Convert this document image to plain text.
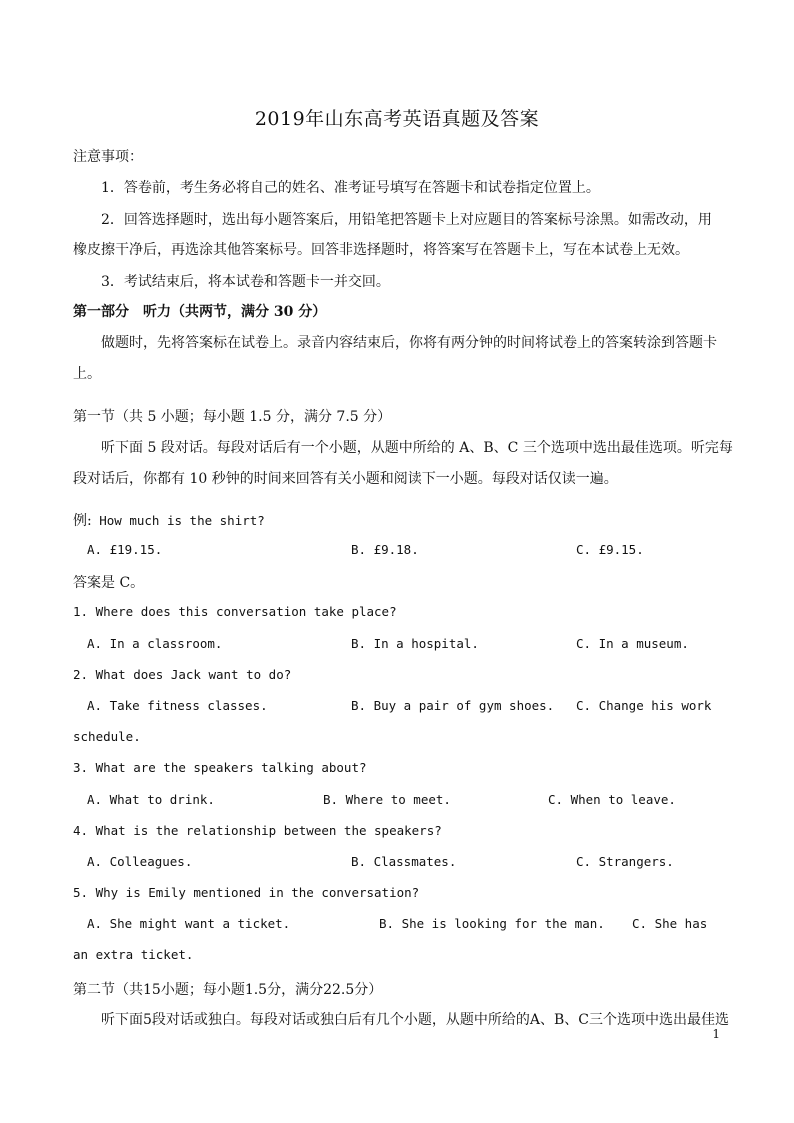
2019年山东高考英语真题及答案
注意事项：
1．答卷前，考生务必将自己的姓名、准考证号填写在答题卡和试卷指定位置上。
2．回答选择题时，选出每小题答案后，用铅笔把答题卡上对应题目的答案标号涂黑。如需改动，用
橡皮擦干净后，再选涂其他答案标号。回答非选择题时，将答案写在答题卡上，写在本试卷上无效。
3．考试结束后，将本试卷和答题卡一并交回。
第一部分　听力（共两节，满分 30 分）
做题时，先将答案标在试卷上。录音内容结束后，你将有两分钟的时间将试卷上的答案转涂到答题卡
上。
第一节（共 5 小题；每小题 1.5 分，满分 7.5 分）
听下面 5 段对话。每段对话后有一个小题，从题中所给的 A、B、C 三个选项中选出最佳选项。听完每
段对话后，你都有 10 秒钟的时间来回答有关小题和阅读下一小题。每段对话仅读一遍。
例: How much is the shirt?
A. £19.15.	B. £9.18.	C. £9.15.
答案是 C。
1. Where does this conversation take place?
A. In a classroom.	B. In a hospital.	C. In a museum.
2. What does Jack want to do?
A. Take fitness classes.	B. Buy a pair of gym shoes. C. Change his work
schedule.
3. What are the speakers talking about?
A. What to drink.	B. Where to meet.	C. When to leave.
4. What is the relationship between the speakers?
A. Colleagues.	B. Classmates.	C. Strangers.
5. Why is Emily mentioned in the conversation?
A. She might want a ticket.	B. She is looking for the man. C. She has
an extra ticket.
第二节（共15小题；每小题1.5分，满分22.5分）
听下面5段对话或独白。每段对话或独白后有几个小题，从题中所给的A、B、C三个选项中选出最佳选
1
